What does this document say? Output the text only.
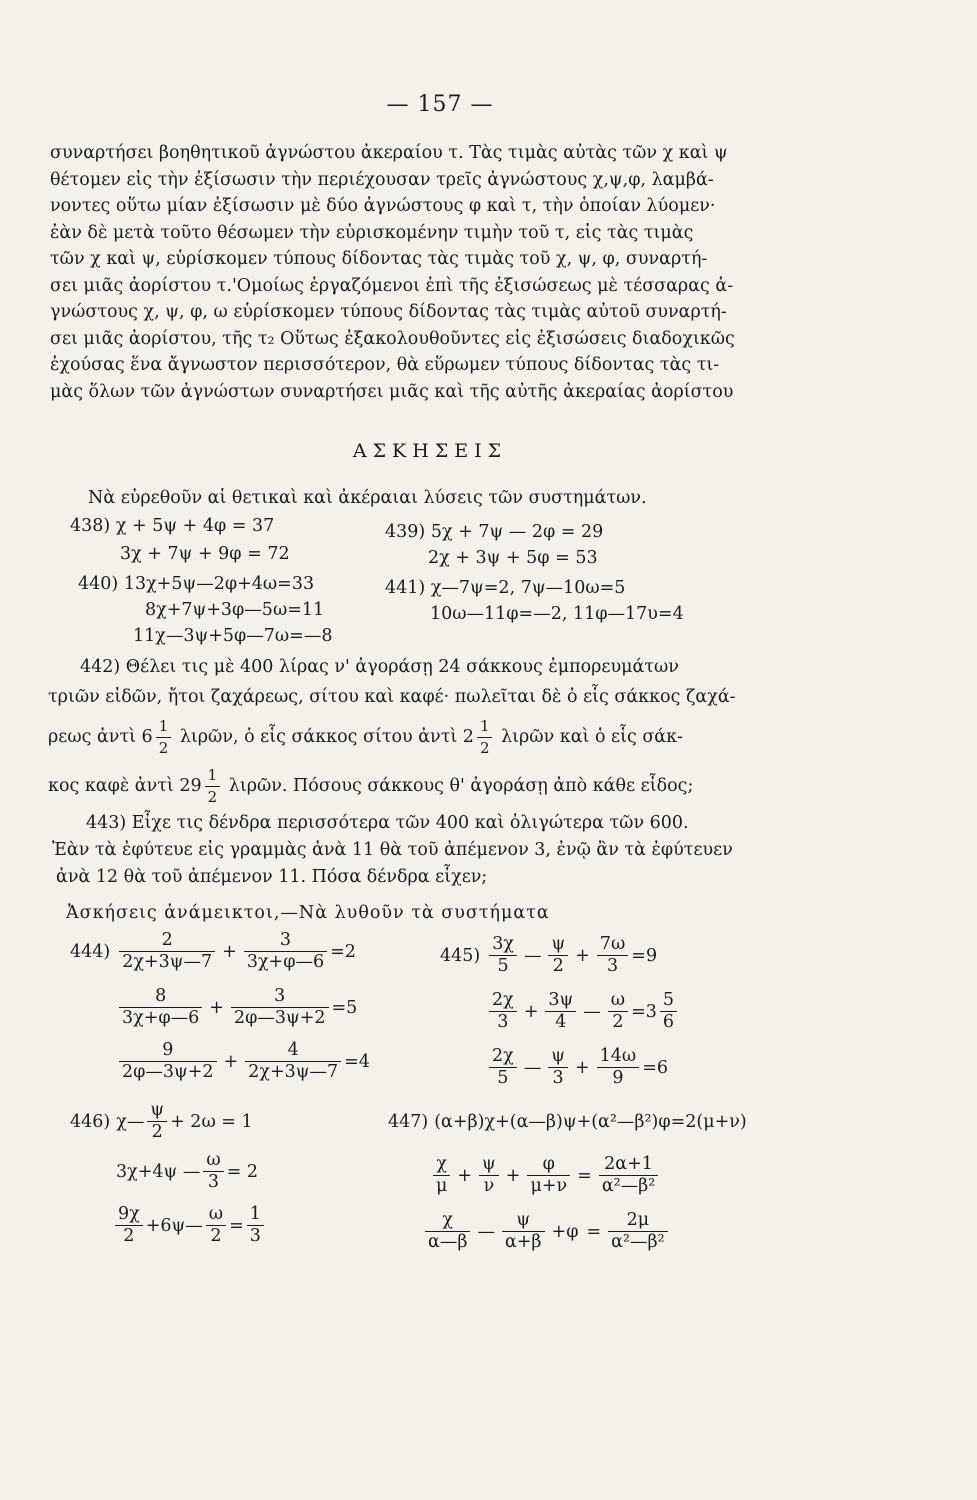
— 157 —
συναρτήσει βοηθητικοῦ ἀγνώστου ἀκεραίου τ. Τὰς τιμὰς αὐτὰς τῶν χ καὶ ψ
θέτομεν εἰς τὴν ἐξίσωσιν τὴν περιέχουσαν τρεῖς ἀγνώστους χ,ψ,φ, λαμβά-
νοντες οὕτω μίαν ἐξίσωσιν μὲ δύο ἀγνώστους φ καὶ τ, τὴν ὁποίαν λύομεν·
ἐὰν δὲ μετὰ τοῦτο θέσωμεν τὴν εὑρισκομένην τιμὴν τοῦ τ, εἰς τὰς τιμὰς
τῶν χ καὶ ψ, εὑρίσκομεν τύπους δίδοντας τὰς τιμὰς τοῦ χ, ψ, φ, συναρτή-
σει μιᾶς ἀορίστου τ.'Ομοίως ἐργαζόμενοι ἐπὶ τῆς ἐξισώσεως μὲ τέσσαρας ἀ-
γνώστους χ, ψ, φ, ω εὑρίσκομεν τύπους δίδοντας τὰς τιμὰς αὐτοῦ συναρτή-
σει μιᾶς ἀορίστου, τῆς τ₂ Οὕτως ἐξακολουθοῦντες εἰς ἐξισώσεις διαδοχικῶς
ἐχούσας ἕνα ἄγνωστον περισσότερον, θὰ εὕρωμεν τύπους δίδοντας τὰς τι-
μὰς ὅλων τῶν ἀγνώστων συναρτήσει μιᾶς καὶ τῆς αὐτῆς ἀκεραίας ἀορίστου
ΑΣΚΗΣΕΙΣ
Νὰ εὑρεθοῦν αἱ θετικαὶ καὶ ἀκέραιαι λύσεις τῶν συστημάτων.
438) χ + 5ψ + 4φ = 37
3χ + 7ψ + 9φ = 72
439) 5χ + 7ψ — 2φ = 29
2χ + 3ψ + 5φ = 53
440) 13χ+5ψ—2φ+4ω=33
8χ+7ψ+3φ—5ω=11
11χ—3ψ+5φ—7ω=—8
441) χ—7ψ=2, 7ψ—10ω=5
10ω—11φ=—2, 11φ—17υ=4
442) Θέλει τις μὲ 400 λίρας ν' ἀγοράσῃ 24 σάκκους ἐμπορευμάτων
τριῶν εἰδῶν, ἤτοι ζαχάρεως, σίτου καὶ καφέ· πωλεῖται δὲ ὁ εἷς σάκκος ζαχά-
ρεως ἀντὶ $6 \frac{1}{2}$ λιρῶν, ὁ εἷς σάκκος σίτου ἀντὶ $2 \frac{1}{2}$ λιρῶν καὶ ὁ εἷς σάκ-
κος καφὲ ἀντὶ $29 \frac{1}{2}$ λιρῶν. Πόσους σάκκους θ' ἀγοράσῃ ἀπὸ κάθε εἶδος;
443) Εἶχε τις δένδρα περισσότερα τῶν 400 καὶ ὀλιγώτερα τῶν 600.
Ἐὰν τὰ ἐφύτευε εἰς γραμμὰς ἀνὰ 11 θὰ τοῦ ἀπέμενον 3, ἐνῷ ἂν τὰ ἐφύτευεν
ἀνὰ 12 θὰ τοῦ ἀπέμενον 11. Πόσα δένδρα εἶχεν;
Ἀσκήσεις ἀνάμεικτοι,—Νὰ λυθοῦν τὰ συστήματα
$444) \frac{2}{2\chi+3\psi—7} + \frac{3}{3\chi+\varphi—6} =2$
$\frac{8}{3\chi+\varphi—6} + \frac{3}{2\varphi—3\psi+2} =5$
$\frac{9}{2\varphi—3\psi+2} + \frac{4}{2\chi+3\psi—7} =4$
$445) \frac{3\chi}{5}$ — $\frac{\psi}{2} + \frac{7\omega}{3} =9$
$\frac{2\chi}{3} + \frac{3\psi}{4}$ — $\frac{\omega}{2} =3 \frac{5}{6}$
$\frac{2\chi}{5}$ — $\frac{\psi}{3} + \frac{14\omega}{9} =6$
446) χ— $\frac{\psi}{2} + 2\omega = 1$
3χ+4ψ — $\frac{\omega}{3} = 2$
$\frac{9\chi}{2}$ +6ψ— $\frac{\omega}{2} = \frac{1}{3}$
447) (α+β)χ+(α—β)ψ+(α²—β²)φ=2(μ+ν)
$\frac{\chi}{\mu} + \frac{\psi}{\nu} + \frac{\varphi}{\mu+\nu} = \frac{2\alpha+1}{\text{α²—β²}}$
$\frac{\chi}{\alpha—\beta}$ — $\frac{\psi}{\alpha+\beta} +\varphi = \frac{2\mu}{\text{α²—β²}}$
